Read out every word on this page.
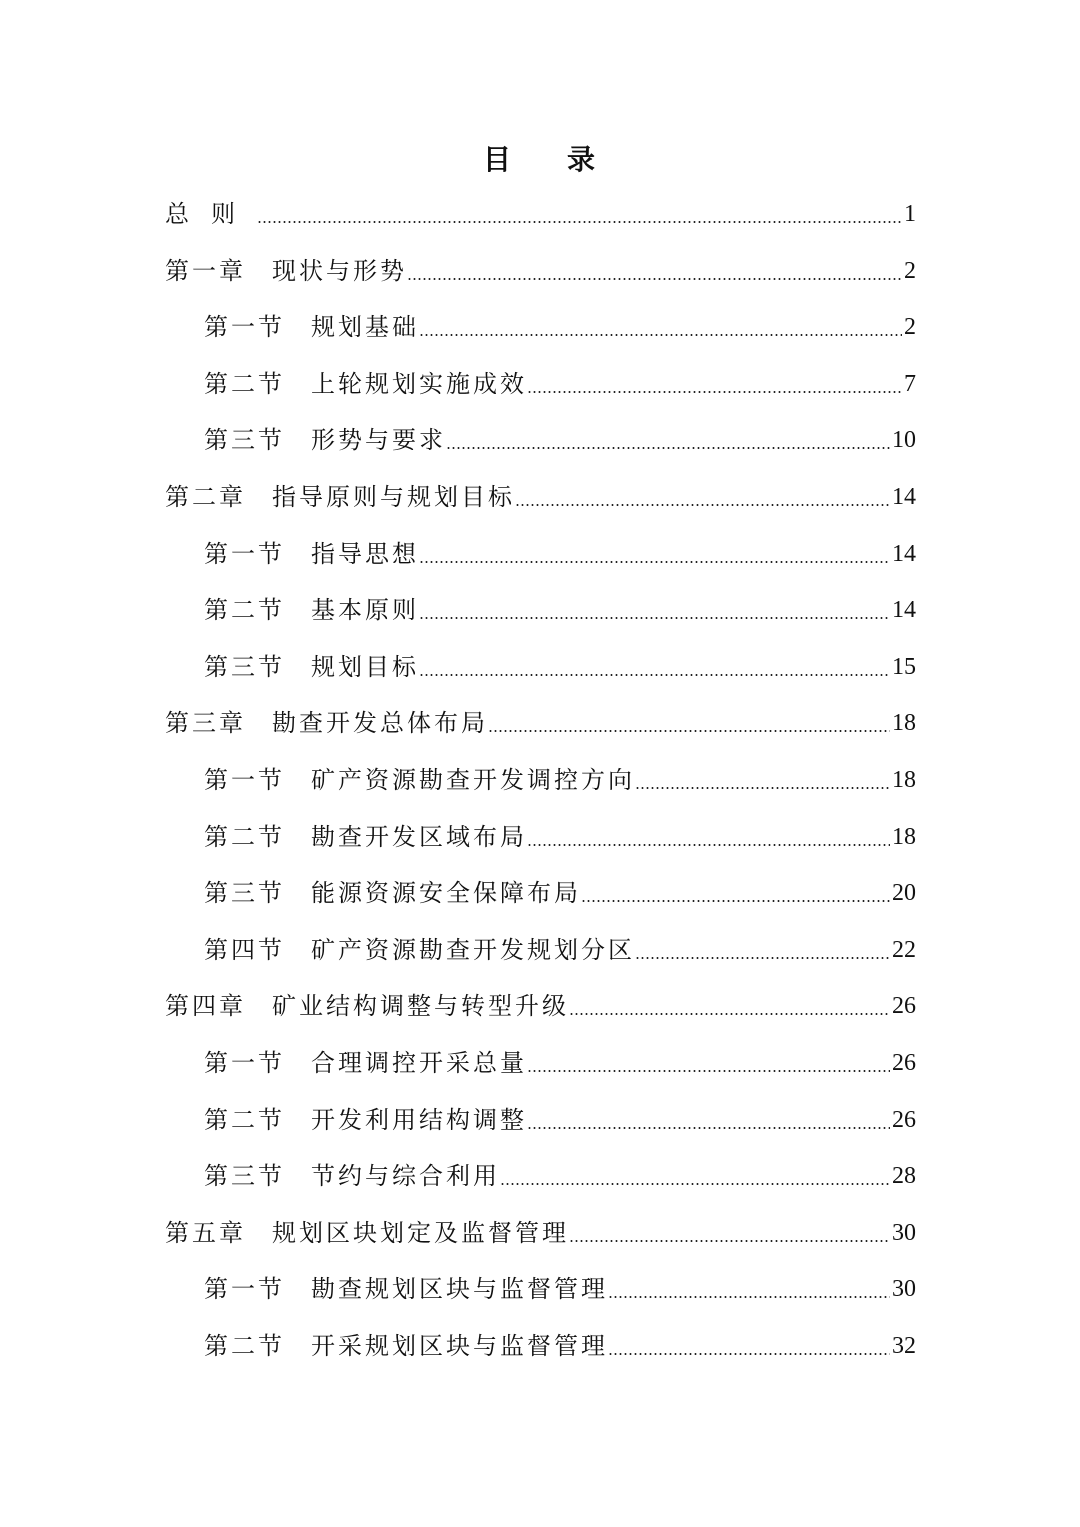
目 录
总则	1
第一章 现状与形势	2
第一节 规划基础	2
第二节 上轮规划实施成效	7
第三节 形势与要求	10
第二章 指导原则与规划目标	14
第一节 指导思想	14
第二节 基本原则	14
第三节 规划目标	15
第三章 勘查开发总体布局	18
第一节 矿产资源勘查开发调控方向	18
第二节 勘查开发区域布局	18
第三节 能源资源安全保障布局	20
第四节 矿产资源勘查开发规划分区	22
第四章 矿业结构调整与转型升级	26
第一节 合理调控开采总量	26
第二节 开发利用结构调整	26
第三节 节约与综合利用	28
第五章 规划区块划定及监督管理	30
第一节 勘查规划区块与监督管理	30
第二节 开采规划区块与监督管理	32
